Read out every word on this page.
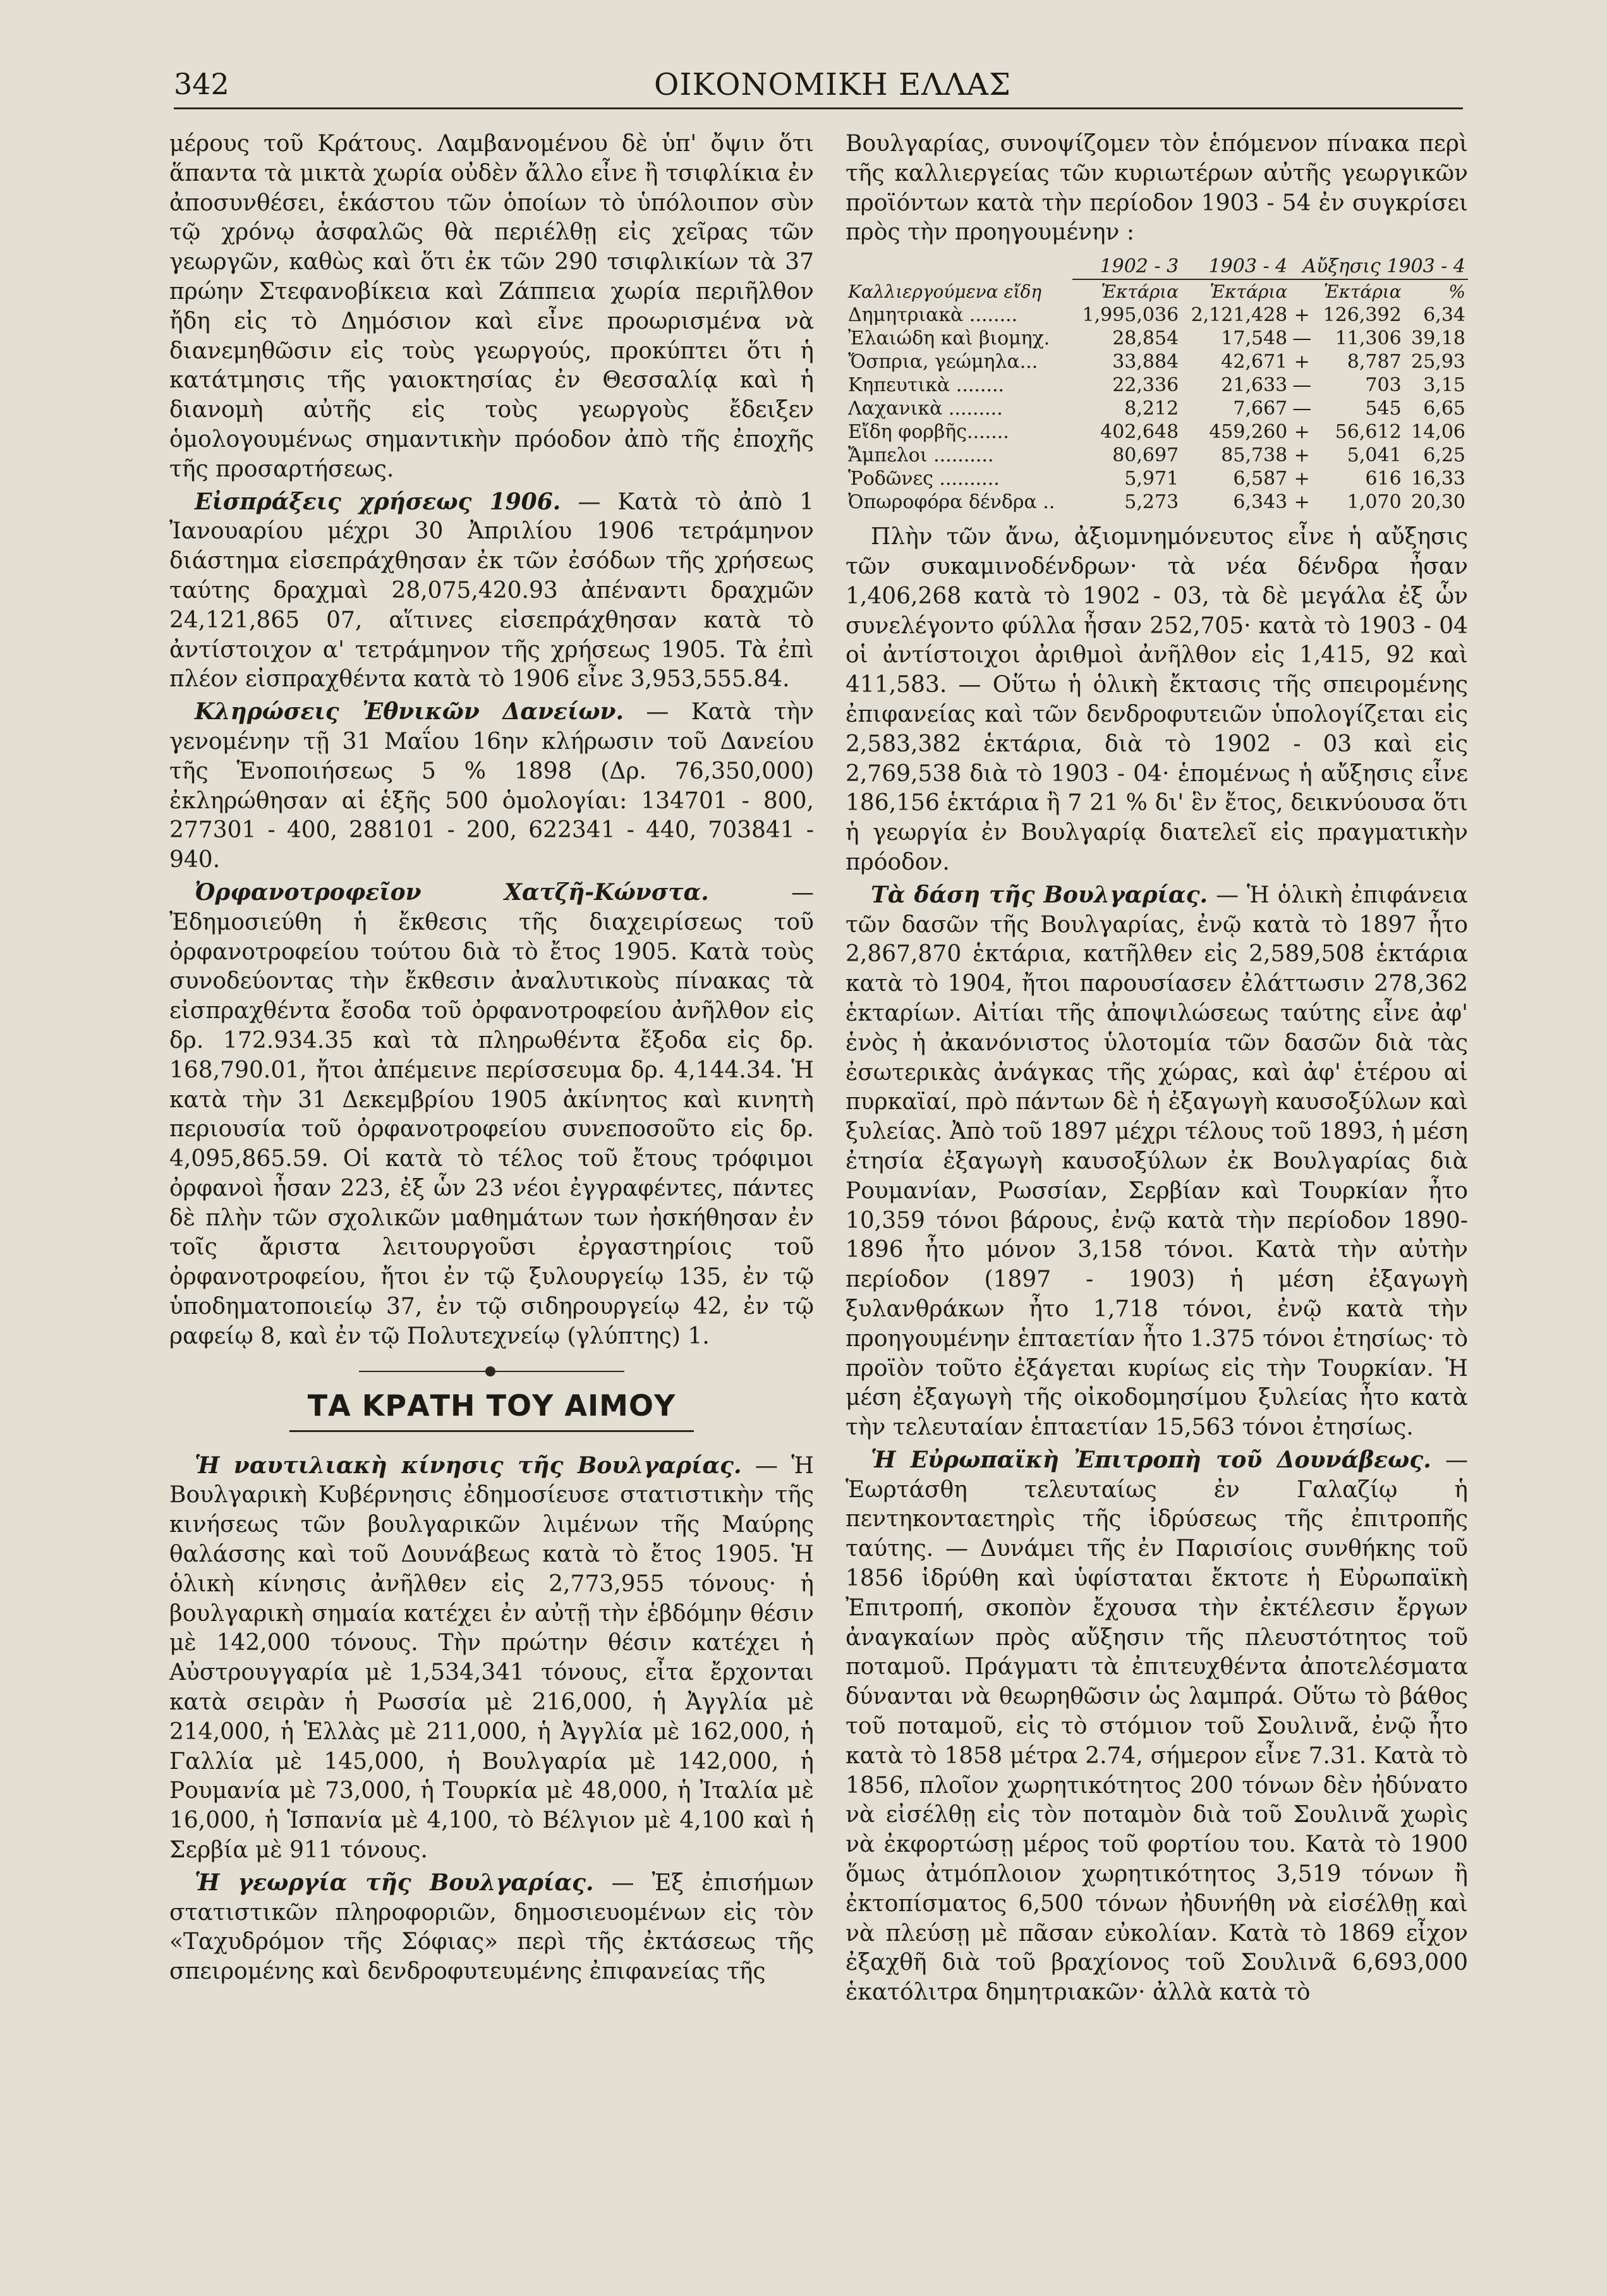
342	ΟΙΚΟΝΟΜΙΚΗ ΕΛΛΑΣ

μέρους τοῦ Κράτους. Λαμβανομένου δὲ ὑπ' ὄψιν ὅτι ἅπαντα τὰ μικτὰ χωρία οὐδὲν ἄλλο εἶνε ἢ τσιφλίκια ἐν ἀποσυνθέσει, ἑκάστου τῶν ὁποίων τὸ ὑπόλοιπον σὺν τῷ χρόνῳ ἀσφαλῶς θὰ περιέλθῃ εἰς χεῖρας τῶν γεωργῶν, καθὼς καὶ ὅτι ἐκ τῶν 290 τσιφλικίων τὰ 37 πρώην Στεφανοβίκεια καὶ Ζάππεια χωρία περιῆλθον ἤδη εἰς τὸ Δημόσιον καὶ εἶνε προωρισμένα νὰ διανεμηθῶσιν εἰς τοὺς γεωργούς, προκύπτει ὅτι ἡ κατάτμησις τῆς γαιοκτησίας ἐν Θεσσαλίᾳ καὶ ἡ διανομὴ αὐτῆς εἰς τοὺς γεωργοὺς ἔδειξεν ὁμολογουμένως σημαντικὴν πρόοδον ἀπὸ τῆς ἐποχῆς τῆς προσαρτήσεως.

Εἰσπράξεις χρήσεως 1906. — Κατὰ τὸ ἀπὸ 1 Ἰανουαρίου μέχρι 30 Ἀπριλίου 1906 τετράμηνον διάστημα εἰσεπράχθησαν ἐκ τῶν ἐσόδων τῆς χρήσεως ταύτης δραχμαὶ 28,075,420.93 ἀπέναντι δραχμῶν 24,121,865 07, αἵτινες εἰσεπράχθησαν κατὰ τὸ ἀντίστοιχον α' τετράμηνον τῆς χρήσεως 1905. Τὰ ἐπὶ πλέον εἰσπραχθέντα κατὰ τὸ 1906 εἶνε 3,953,555.84.

Κληρώσεις Ἐθνικῶν Δανείων. — Κατὰ τὴν γενομένην τῇ 31 Μαΐου 16ην κλήρωσιν τοῦ Δανείου τῆς Ἑνοποιήσεως 5 % 1898 (Δρ. 76,350,000) ἐκληρώθησαν αἱ ἑξῆς 500 ὁμολογίαι: 134701 - 800, 277301 - 400, 288101 - 200, 622341 - 440, 703841 - 940.

Ὀρφανοτροφεῖον Χατζῆ-Κώνστα.	— Ἐδημοσιεύθη ἡ ἔκθεσις τῆς διαχειρίσεως τοῦ ὀρφανοτροφείου τούτου διὰ τὸ ἔτος 1905. Κατὰ τοὺς συνοδεύοντας τὴν ἔκθεσιν ἀναλυτικοὺς πίνακας τὰ εἰσπραχθέντα ἔσοδα τοῦ ὀρφανοτροφείου ἀνῆλθον εἰς δρ. 172.934.35 καὶ τὰ πληρωθέντα ἔξοδα εἰς δρ. 168,790.01, ἤτοι ἀπέμεινε περίσσευμα δρ. 4,144.34. Ἡ κατὰ τὴν 31 Δεκεμβρίου 1905 ἀκίνητος καὶ κινητὴ περιουσία τοῦ ὀρφανοτροφείου συνεποσοῦτο εἰς δρ. 4,095,865.59. Οἱ κατὰ τὸ τέλος τοῦ ἔτους τρόφιμοι ὀρφανοὶ ἦσαν 223, ἐξ ὧν 23 νέοι ἐγγραφέντες, πάντες δὲ πλὴν τῶν σχολικῶν μαθημάτων των ἠσκήθησαν ἐν τοῖς ἄριστα λειτουργοῦσι ἐργαστηρίοις τοῦ ὀρφανοτροφείου, ἤτοι ἐν τῷ ξυλουργείῳ 135, ἐν τῷ ὑποδηματοποιείῳ 37, ἐν τῷ σιδηρουργείῳ 42, ἐν τῷ ραφείῳ 8, καὶ ἐν τῷ Πολυτεχνείῳ (γλύπτης) 1.

ΤΑ ΚΡΑΤΗ ΤΟΥ ΑΙΜΟΥ

Ἡ ναυτιλιακὴ κίνησις τῆς Βουλγαρίας. — Ἡ Βουλγαρικὴ Κυβέρνησις ἐδημοσίευσε στατιστικὴν τῆς κινήσεως τῶν βουλγαρικῶν λιμένων τῆς Μαύρης θαλάσσης καὶ τοῦ Δουνάβεως κατὰ τὸ ἔτος 1905. Ἡ ὁλικὴ κίνησις ἀνῆλθεν εἰς 2,773,955 τόνους· ἡ βουλγαρικὴ σημαία κατέχει ἐν αὐτῇ τὴν ἑβδόμην θέσιν μὲ 142,000 τόνους. Τὴν πρώτην θέσιν κατέχει ἡ Αὐστρουγγαρία μὲ 1,534,341 τόνους, εἶτα ἔρχονται κατὰ σειρὰν ἡ Ρωσσία μὲ 216,000, ἡ Ἀγγλία μὲ 214,000, ἡ Ἑλλὰς μὲ 211,000, ἡ Ἀγγλία μὲ 162,000, ἡ Γαλλία μὲ 145,000, ἡ Βουλγαρία μὲ 142,000, ἡ Ρουμανία μὲ 73,000, ἡ Τουρκία μὲ 48,000, ἡ Ἰταλία μὲ 16,000, ἡ Ἱσπανία μὲ 4,100, τὸ Βέλγιον μὲ 4,100 καὶ ἡ Σερβία μὲ 911 τόνους.

Ἡ γεωργία τῆς Βουλγαρίας. — Ἐξ ἐπισήμων στατιστικῶν πληροφοριῶν, δημοσιευομένων εἰς τὸν «Ταχυδρόμον τῆς Σόφιας» περὶ τῆς ἐκτάσεως τῆς σπειρομένης καὶ δενδροφυτευμένης ἐπιφανείας τῆς

Βουλγαρίας, συνοψίζομεν τὸν ἑπόμενον πίνακα περὶ τῆς καλλιεργείας τῶν κυριωτέρων αὐτῆς γεωργικῶν προϊόντων κατὰ τὴν περίοδον 1903 - 54 ἐν συγκρίσει πρὸς τὴν προηγουμένην :

	1902 - 3	1903 - 4	Αὔξησις 1903 - 4		
Καλλιεργούμενα εἴδη	Ἑκτάρια	Ἑκτάρια	Ἑκτάρια		%
Δημητριακὰ ........	1,995,036	2,121,428	+	126,392	6,34
Ἐλαιώδη καὶ βιομηχ.	28,854	17,548	—	11,306	39,18
Ὄσπρια, γεώμηλα...	33,884	42,671	+	8,787	25,93
Κηπευτικὰ ........	22,336	21,633	—	703	3,15
Λαχανικὰ .........	8,212	7,667	—	545	6,65
Εἴδη φορβῆς.......	402,648	459,260	+	56,612	14,06
Ἄμπελοι ..........	80,697	85,738	+	5,041	6,25
Ῥοδῶνες ..........	5,971	6,587	+	616	16,33
Ὀπωροφόρα δένδρα ..	5,273	6,343	+	1,070	20,30

Πλὴν τῶν ἄνω, ἀξιομνημόνευτος εἶνε ἡ αὔξησις τῶν συκαμινοδένδρων· τὰ νέα δένδρα ἦσαν 1,406,268 κατὰ τὸ 1902 - 03, τὰ δὲ μεγάλα ἐξ ὧν συνελέγοντο φύλλα ἦσαν 252,705· κατὰ τὸ 1903 - 04 οἱ ἀντίστοιχοι ἀριθμοὶ ἀνῆλθον εἰς 1,415, 92 καὶ 411,583. — Οὕτω ἡ ὁλικὴ ἔκτασις τῆς σπειρομένης ἐπιφανείας καὶ τῶν δενδροφυτειῶν ὑπολογίζεται εἰς 2,583,382 ἑκτάρια, διὰ τὸ 1902 - 03 καὶ εἰς 2,769,538 διὰ τὸ 1903 - 04· ἑπομένως ἡ αὔξησις εἶνε 186,156 ἑκτάρια ἢ 7 21 % δι' ἓν ἔτος, δεικνύουσα ὅτι ἡ γεωργία ἐν Βουλγαρίᾳ διατελεῖ εἰς πραγματικὴν πρόοδον.

Τὰ δάση τῆς Βουλγαρίας. — Ἡ ὁλικὴ ἐπιφάνεια τῶν δασῶν τῆς Βουλγαρίας, ἐνῷ κατὰ τὸ 1897 ἦτο 2,867,870 ἑκτάρια, κατῆλθεν εἰς 2,589,508 ἑκτάρια κατὰ τὸ 1904, ἤτοι παρουσίασεν ἐλάττωσιν 278,362 ἑκταρίων. Αἰτίαι τῆς ἀποψιλώσεως ταύτης εἶνε ἀφ' ἑνὸς ἡ ἀκανόνιστος ὑλοτομία τῶν δασῶν διὰ τὰς ἐσωτερικὰς ἀνάγκας τῆς χώρας, καὶ ἀφ' ἑτέρου αἱ πυρκαϊαί, πρὸ πάντων δὲ ἡ ἐξαγωγὴ καυσοξύλων καὶ ξυλείας. Ἀπὸ τοῦ 1897 μέχρι τέλους τοῦ 1893, ἡ μέση ἐτησία ἐξαγωγὴ καυσοξύλων ἐκ Βουλγαρίας διὰ Ρουμανίαν, Ρωσσίαν, Σερβίαν καὶ Τουρκίαν ἦτο 10,359 τόνοι βάρους, ἐνῷ κατὰ τὴν περίοδον 1890-1896 ἦτο μόνον 3,158 τόνοι. Κατὰ τὴν αὐτὴν περίοδον (1897 - 1903) ἡ μέση ἐξαγωγὴ ξυλανθράκων ἦτο 1,718 τόνοι, ἐνῷ κατὰ τὴν προηγουμένην ἑπταετίαν ἦτο 1.375 τόνοι ἐτησίως· τὸ προϊὸν τοῦτο ἐξάγεται κυρίως εἰς τὴν Τουρκίαν. Ἡ μέση ἐξαγωγὴ τῆς οἰκοδομησίμου ξυλείας ἦτο κατὰ τὴν τελευταίαν ἑπταετίαν 15,563 τόνοι ἐτησίως.

Ἡ Εὐρωπαϊκὴ Ἐπιτροπὴ τοῦ Δουνάβεως. — Ἑωρτάσθη τελευταίως ἐν Γαλαζίῳ ἡ πεντηκονταετηρὶς τῆς ἱδρύσεως τῆς ἐπιτροπῆς ταύτης. — Δυνάμει τῆς ἐν Παρισίοις συνθήκης τοῦ 1856 ἱδρύθη καὶ ὑφίσταται ἔκτοτε ἡ Εὐρωπαϊκὴ Ἐπιτροπή, σκοπὸν ἔχουσα τὴν ἐκτέλεσιν ἔργων ἀναγκαίων πρὸς αὔξησιν τῆς πλευστότητος τοῦ ποταμοῦ. Πράγματι τὰ ἐπιτευχθέντα ἀποτελέσματα δύνανται νὰ θεωρηθῶσιν ὡς λαμπρά. Οὕτω τὸ βάθος τοῦ ποταμοῦ, εἰς τὸ στόμιον τοῦ Σουλινᾶ, ἐνῷ ἦτο κατὰ τὸ 1858 μέτρα 2.74, σήμερον εἶνε 7.31. Κατὰ τὸ 1856, πλοῖον χωρητικότητος 200 τόνων δὲν ἠδύνατο νὰ εἰσέλθῃ εἰς τὸν ποταμὸν διὰ τοῦ Σουλινᾶ χωρὶς νὰ ἐκφορτώσῃ μέρος τοῦ φορτίου του. Κατὰ τὸ 1900 ὅμως ἀτμόπλοιον χωρητικότητος 3,519 τόνων ἢ ἐκτοπίσματος 6,500 τόνων ἠδυνήθη νὰ εἰσέλθῃ καὶ νὰ πλεύσῃ μὲ πᾶσαν εὐκολίαν. Κατὰ τὸ 1869 εἶχον ἐξαχθῆ διὰ τοῦ βραχίονος τοῦ Σουλινᾶ 6,693,000 ἑκατόλιτρα δημητριακῶν· ἀλλὰ κατὰ τὸ
